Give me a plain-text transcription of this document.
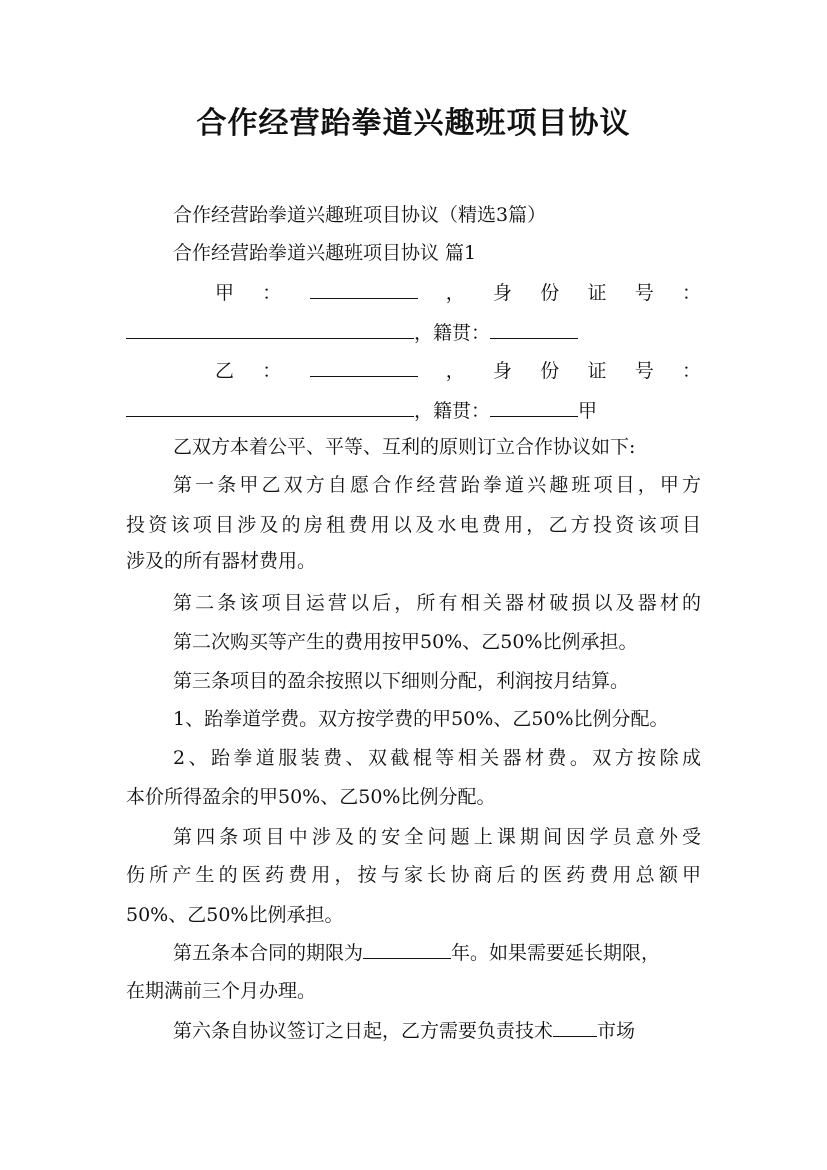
合作经营跆拳道兴趣班项目协议
合作经营跆拳道兴趣班项目协议（精选3篇）
合作经营跆拳道兴趣班项目协议 篇1
甲 ：	， 身 份 证 号 ：
，籍贯：
乙 ：	， 身 份 证 号 ：
，籍贯：	甲
乙双方本着公平、平等、互利的原则订立合作协议如下:
第一条甲乙双方自愿合作经营跆拳道兴趣班项目，甲方
投资该项目涉及的房租费用以及水电费用，乙方投资该项目
涉及的所有器材费用。
第二条该项目运营以后，所有相关器材破损以及器材的
第二次购买等产生的费用按甲50%、乙50%比例承担。
第三条项目的盈余按照以下细则分配，利润按月结算。
1、跆拳道学费。双方按学费的甲50%、乙50%比例分配。
2、跆拳道服装费、双截棍等相关器材费。双方按除成
本价所得盈余的甲50%、乙50%比例分配。
第四条项目中涉及的安全问题上课期间因学员意外受
伤所产生的医药费用，按与家长协商后的医药费用总额甲
50%、乙50%比例承担。
第五条本合同的期限为	年。如果需要延长期限，
在期满前三个月办理。
第六条自协议签订之日起，乙方需要负责技术 市场
